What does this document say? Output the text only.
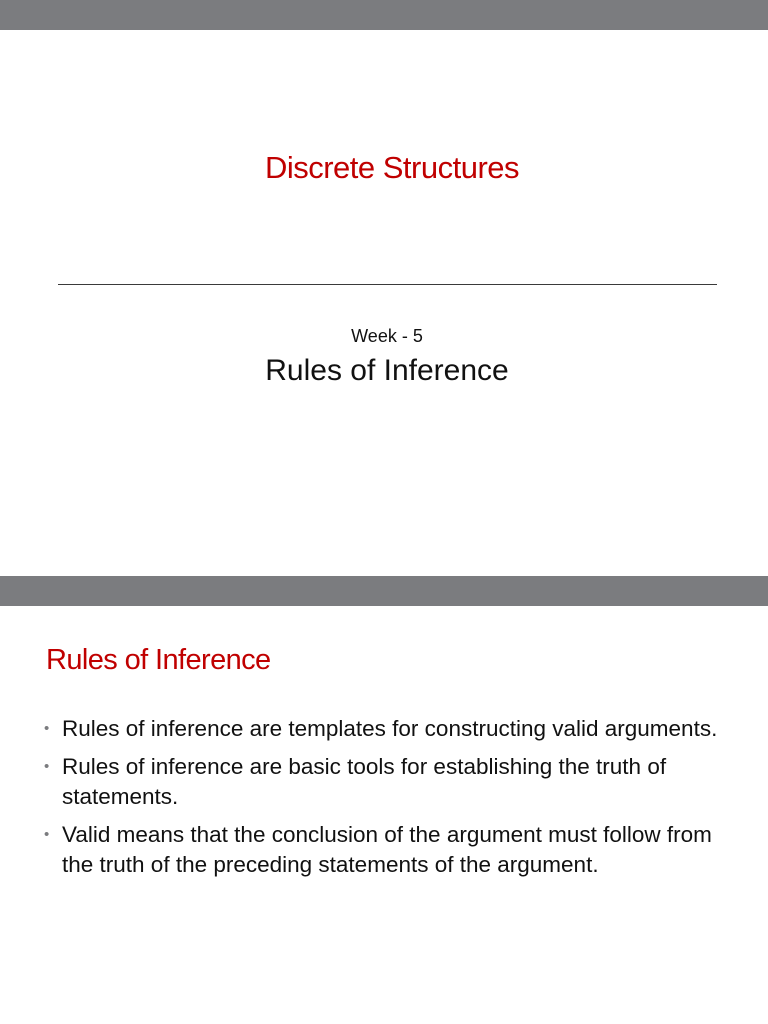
Discrete Structures
Week - 5
Rules of Inference
Rules of Inference
• Rules of inference are templates for constructing valid arguments.
• Rules of inference are basic tools for establishing the truth of statements.
• Valid means that the conclusion of the argument must follow from the truth of the preceding statements of the argument.
